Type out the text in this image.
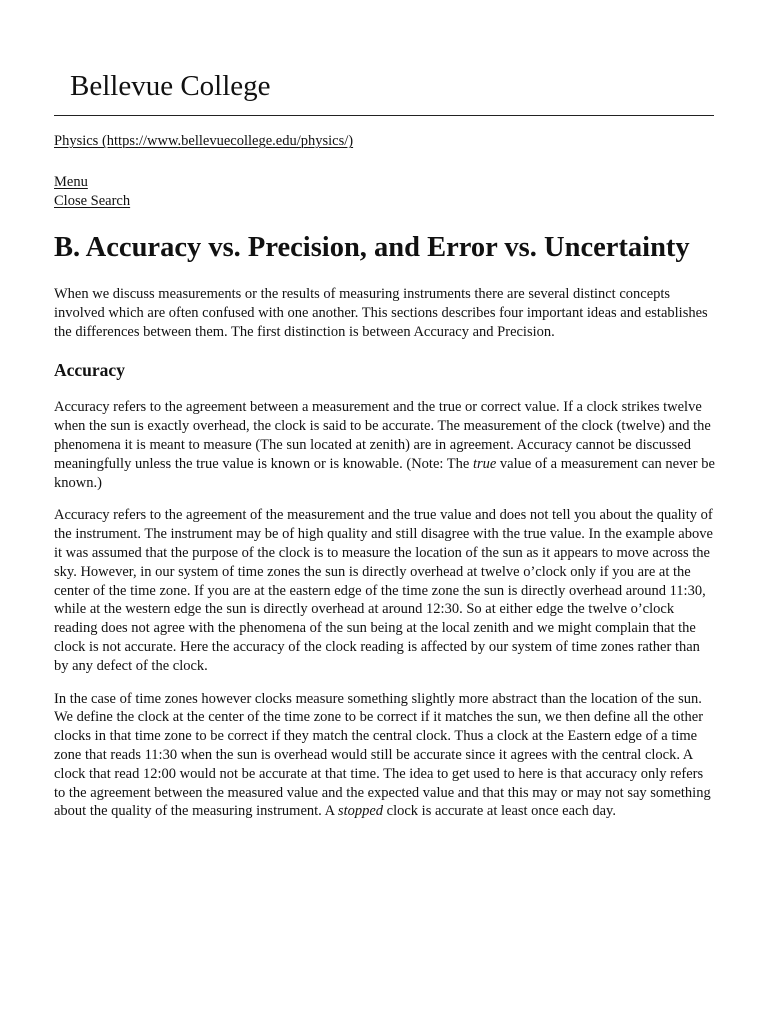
Bellevue College
Physics (https://www.bellevuecollege.edu/physics/)
Menu
Close Search
B. Accuracy vs. Precision, and Error vs. Uncertainty

When we discuss measurements or the results of measuring instruments there are several distinct concepts involved which are often confused with one another. This sections describes four important ideas and establishes the differences between them. The first distinction is between Accuracy and Precision.

Accuracy

Accuracy refers to the agreement between a measurement and the true or correct value. If a clock strikes twelve when the sun is exactly overhead, the clock is said to be accurate. The measurement of the clock (twelve) and the phenomena it is meant to measure (The sun located at zenith) are in agreement. Accuracy cannot be discussed meaningfully unless the true value is known or is knowable. (Note: The true value of a measurement can never be known.)

Accuracy refers to the agreement of the measurement and the true value and does not tell you about the quality of the instrument. The instrument may be of high quality and still disagree with the true value. In the example above it was assumed that the purpose of the clock is to measure the location of the sun as it appears to move across the sky. However, in our system of time zones the sun is directly overhead at twelve o’clock only if you are at the center of the time zone. If you are at the eastern edge of the time zone the sun is directly overhead around 11:30, while at the western edge the sun is directly overhead at around 12:30. So at either edge the twelve o’clock reading does not agree with the phenomena of the sun being at the local zenith and we might complain that the clock is not accurate. Here the accuracy of the clock reading is affected by our system of time zones rather than by any defect of the clock.

In the case of time zones however clocks measure something slightly more abstract than the location of the sun. We define the clock at the center of the time zone to be correct if it matches the sun, we then define all the other clocks in that time zone to be correct if they match the central clock. Thus a clock at the Eastern edge of a time zone that reads 11:30 when the sun is overhead would still be accurate since it agrees with the central clock. A clock that read 12:00 would not be accurate at that time. The idea to get used to here is that accuracy only refers to the agreement between the measured value and the expected value and that this may or may not say something about the quality of the measuring instrument. A stopped clock is accurate at least once each day.
